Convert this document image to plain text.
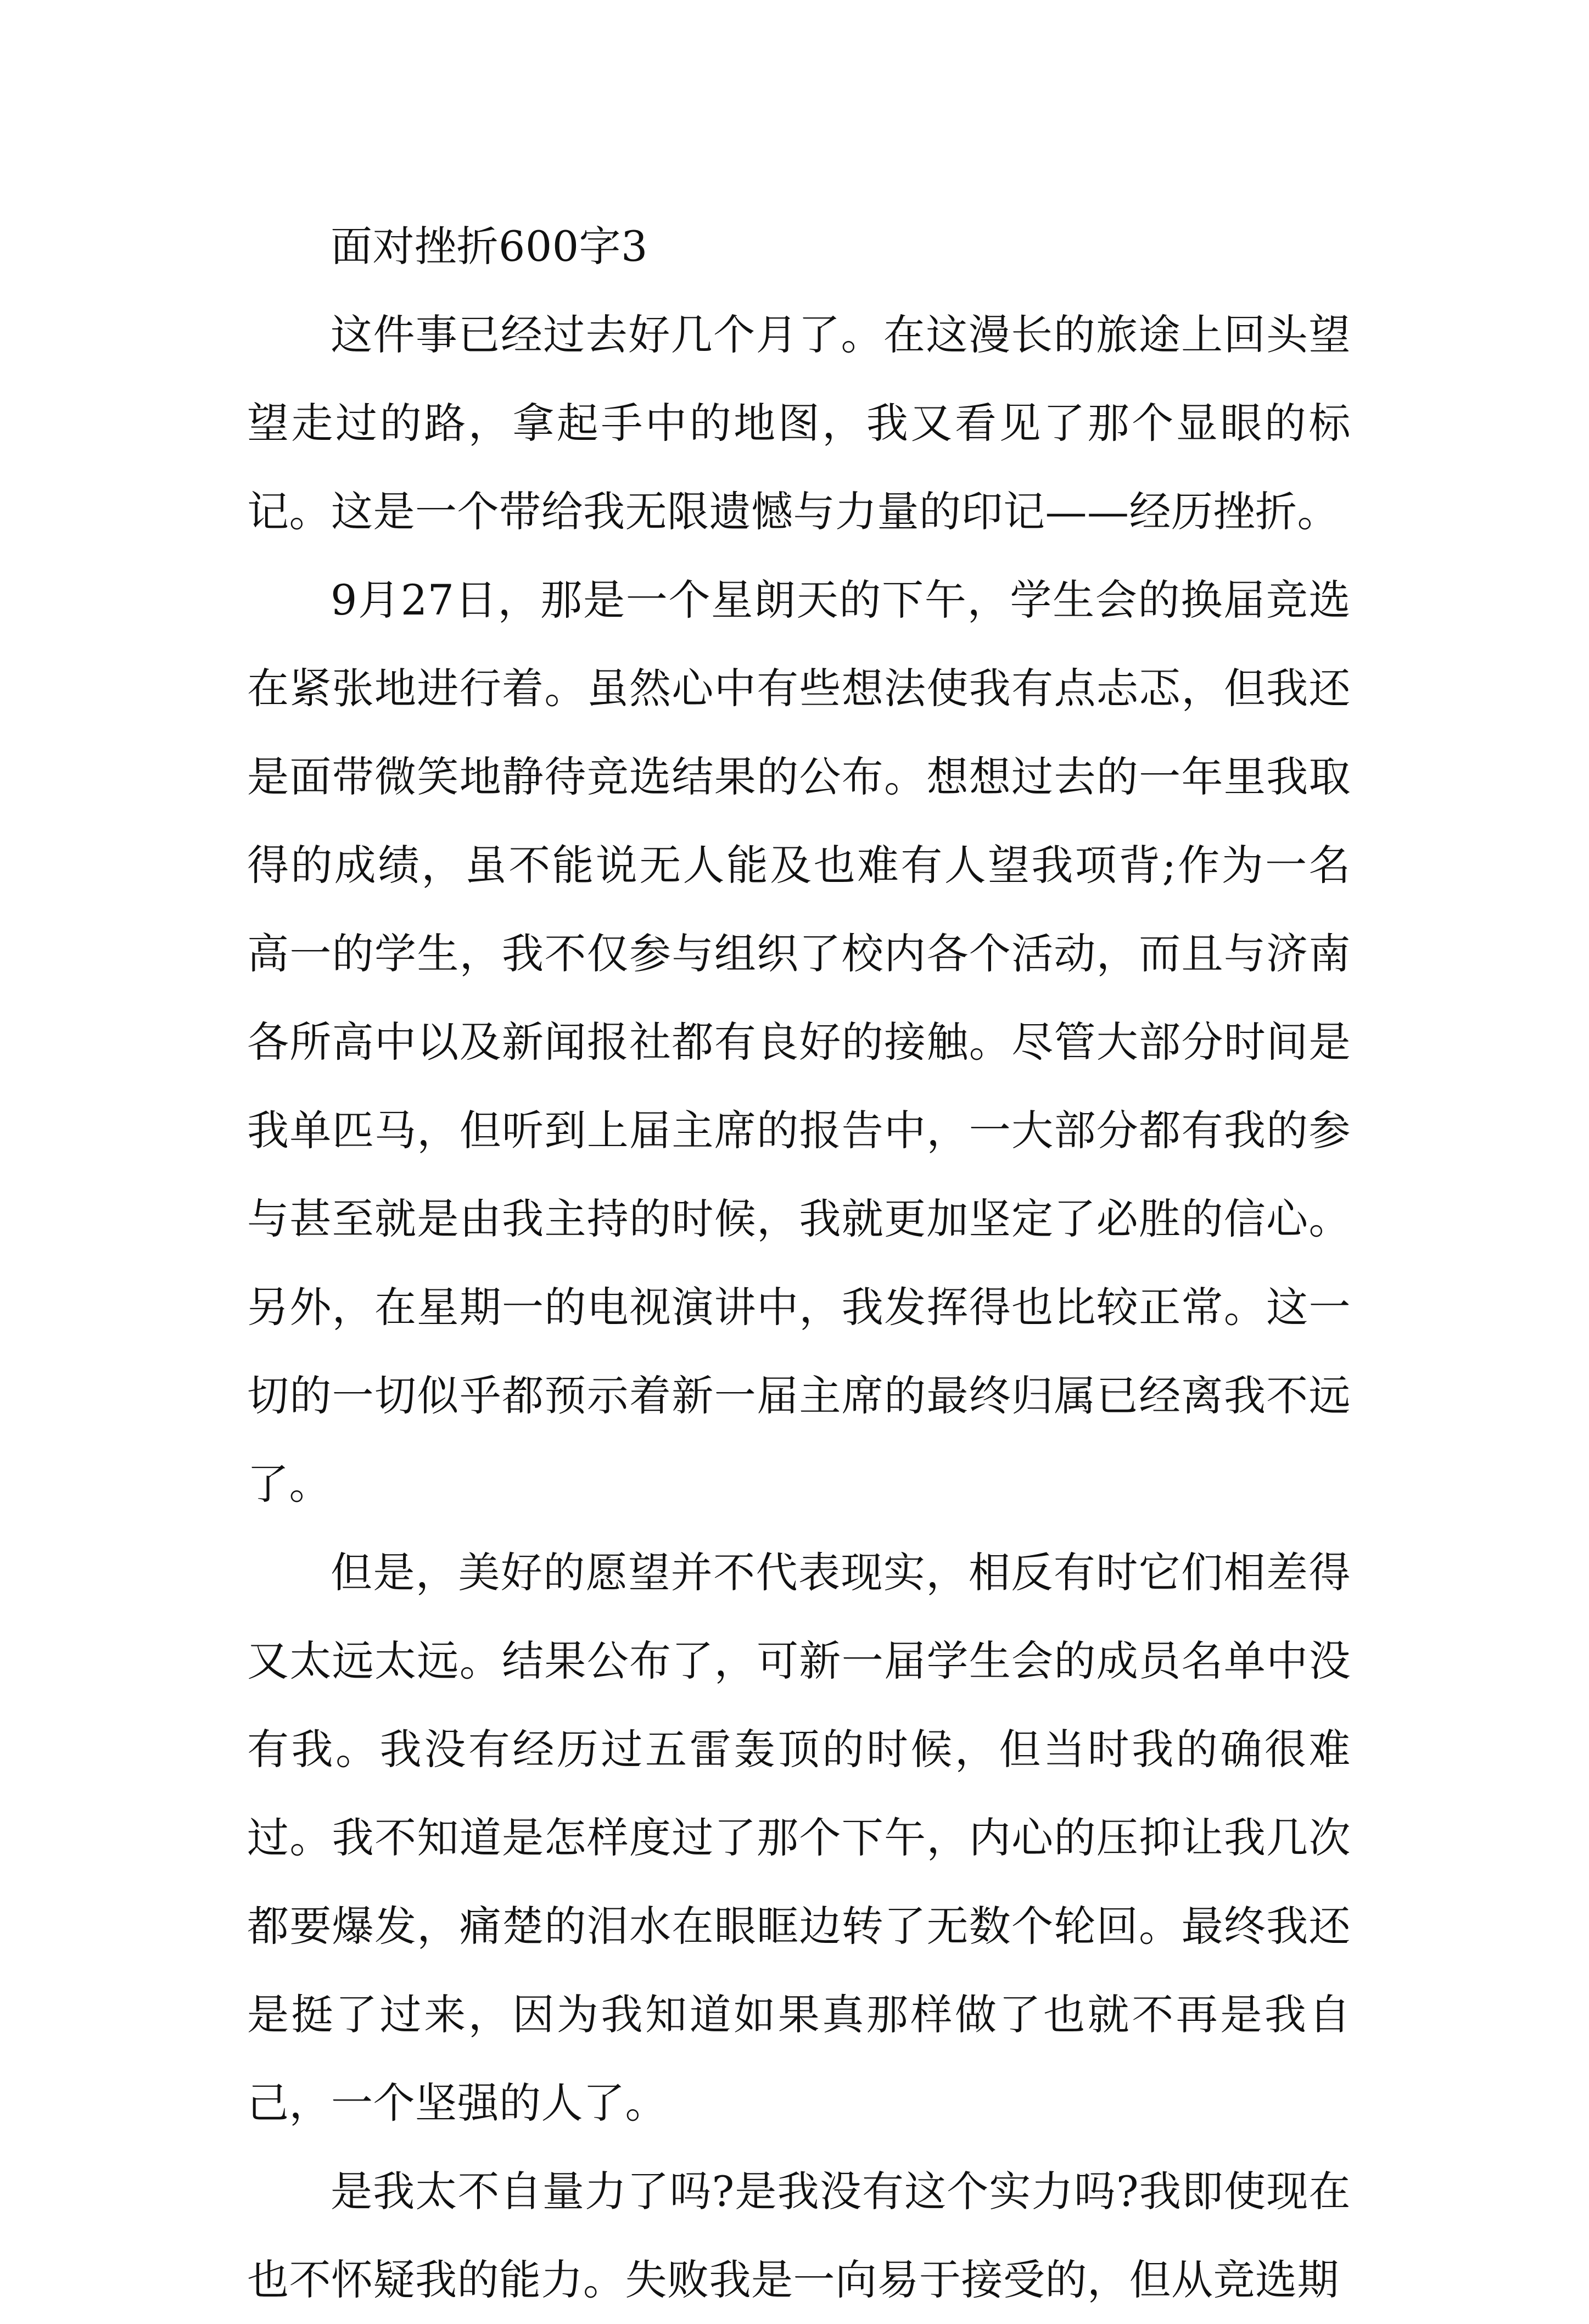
面对挫折600字3

这件事已经过去好几个月了。在这漫长的旅途上回头望望走过的路，拿起手中的地图，我又看见了那个显眼的标记。这是一个带给我无限遗憾与力量的印记——经历挫折。

9月27日，那是一个星朗天的下午，学生会的换届竞选在紧张地进行着。虽然心中有些想法使我有点忐忑，但我还是面带微笑地静待竞选结果的公布。想想过去的一年里我取得的成绩，虽不能说无人能及也难有人望我项背;作为一名高一的学生，我不仅参与组织了校内各个活动，而且与济南各所高中以及新闻报社都有良好的接触。尽管大部分时间是我单匹马，但听到上届主席的报告中，一大部分都有我的参与甚至就是由我主持的时候，我就更加坚定了必胜的信心。另外，在星期一的电视演讲中，我发挥得也比较正常。这一切的一切似乎都预示着新一届主席的最终归属已经离我不远了。

但是，美好的愿望并不代表现实，相反有时它们相差得又太远太远。结果公布了，可新一届学生会的成员名单中没有我。我没有经历过五雷轰顶的时候，但当时我的确很难过。我不知道是怎样度过了那个下午，内心的压抑让我几次都要爆发，痛楚的泪水在眼眶边转了无数个轮回。最终我还是挺了过来，因为我知道如果真那样做了也就不再是我自己，一个坚强的人了。

是我太不自量力了吗?是我没有这个实力吗?我即使现在也不怀疑我的能力。失败我是一向易于接受的，但从竞选期
